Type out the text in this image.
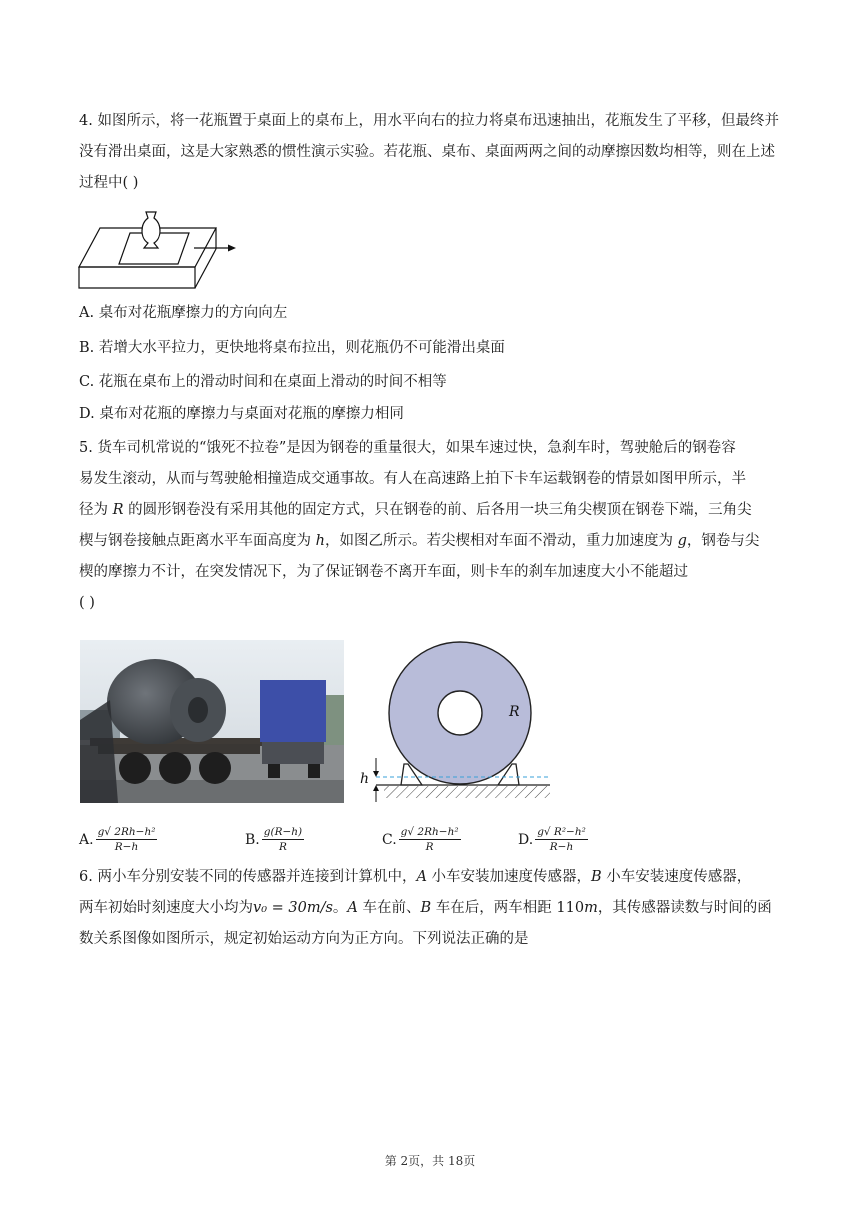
4. 如图所示，将一花瓶置于桌面上的桌布上，用水平向右的拉力将桌布迅速抽出，花瓶发生了平移，但最终并没有滑出桌面，这是大家熟悉的惯性演示实验。若花瓶、桌布、桌面两两之间的动摩擦因数均相等，则在上述过程中( )

A. 桌布对花瓶摩擦力的方向向左
B. 若增大水平拉力，更快地将桌布拉出，则花瓶仍不可能滑出桌面
C. 花瓶在桌布上的滑动时间和在桌面上滑动的时间不相等
D. 桌布对花瓶的摩擦力与桌面对花瓶的摩擦力相同
5. 货车司机常说的“饿死不拉卷”是因为钢卷的重量很大，如果车速过快，急刹车时，驾驶舱后的钢卷容
易发生滚动，从而与驾驶舱相撞造成交通事故。有人在高速路上拍下卡车运载钢卷的情景如图甲所示，半
径为 R 的圆形钢卷没有采用其他的固定方式，只在钢卷的前、后各用一块三角尖楔顶在钢卷下端，三角尖
楔与钢卷接触点距离水平车面高度为 h，如图乙所示。若尖楔相对车面不滑动，重力加速度为 g，钢卷与尖
楔的摩擦力不计，在突发情况下，为了保证钢卷不离开车面，则卡车的刹车加速度大小不能超过
( )
R
h
A. $\frac{\text{g√ 2Rh−h²}}{R-h}$	B. $\frac{g(R-h)}{R}$	C. $\frac{\text{g√ 2Rh−h²}}{R}$	D. $\frac{\text{g√ R²−h²}}{R-h}$
6. 两小车分别安装不同的传感器并连接到计算机中，A 小车安装加速度传感器，B 小车安装速度传感器，
两车初始时刻速度大小均为v₀ = 30m/s。A 车在前、B 车在后，两车相距 110m，其传感器读数与时间的函
数关系图像如图所示，规定初始运动方向为正方向。下列说法正确的是
第 2页，共 18页
